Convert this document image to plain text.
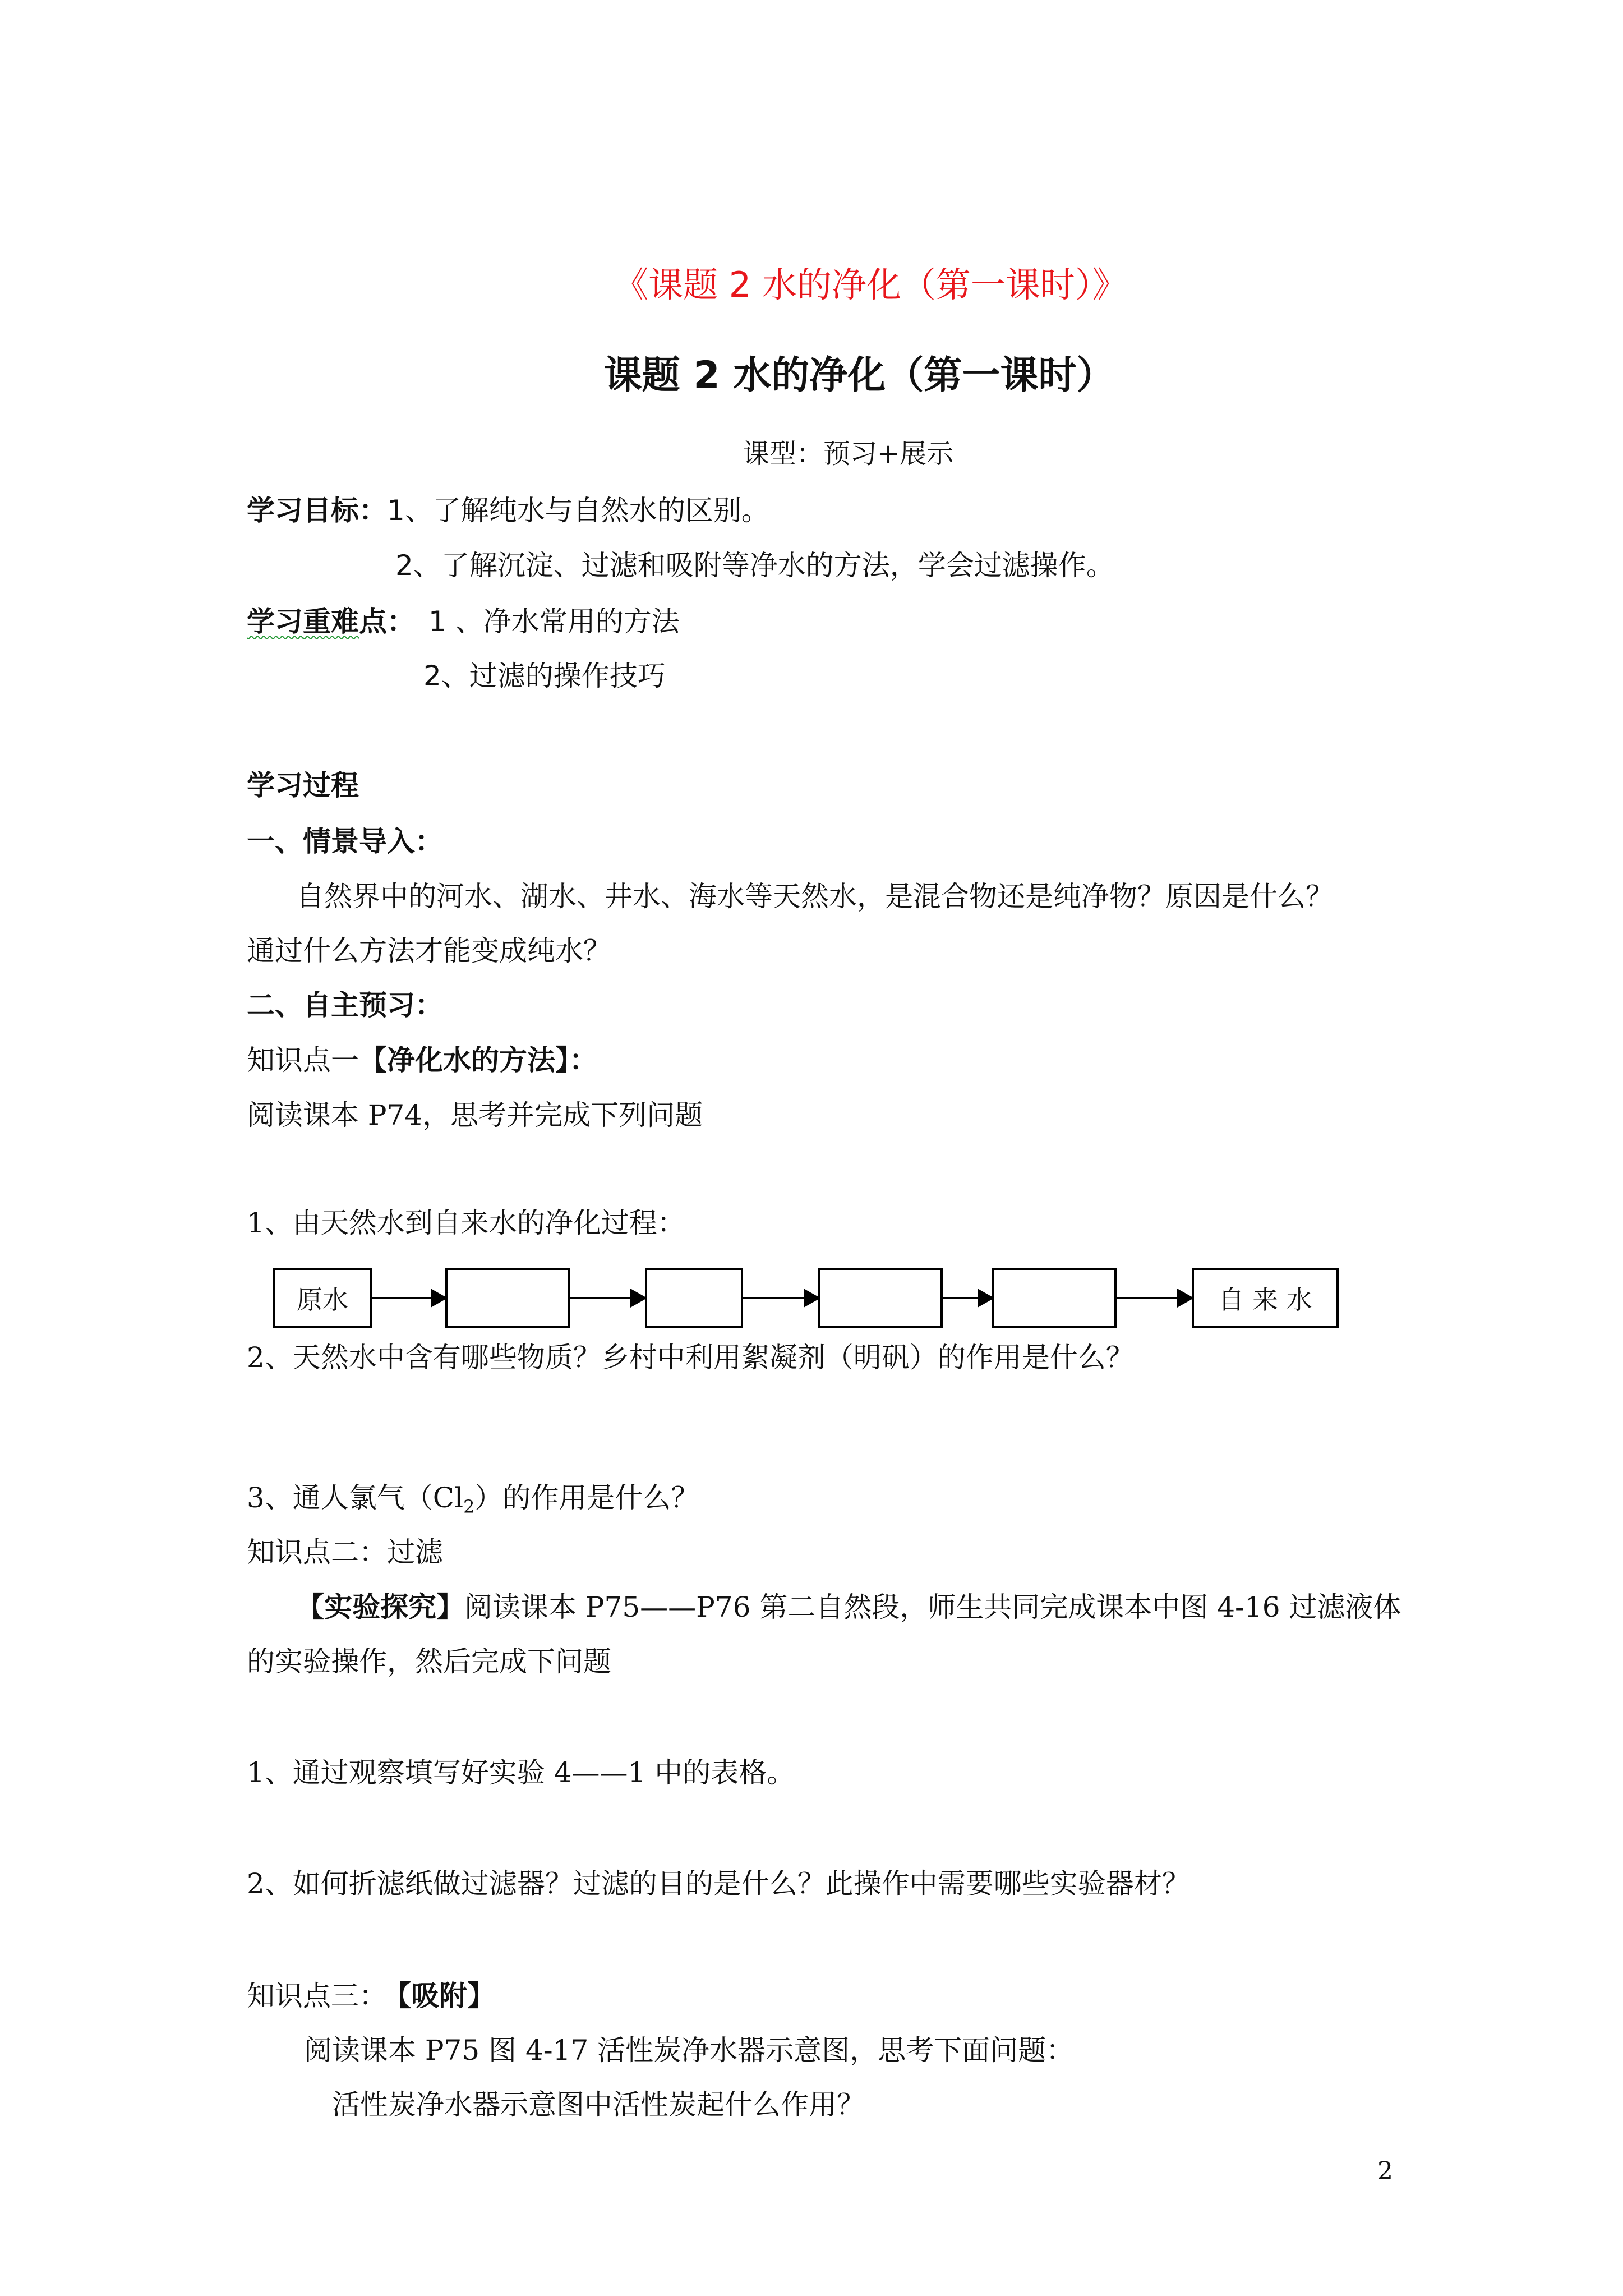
《课题 2 水的净化（第一课时）》
课题 2 水的净化（第一课时）
课型：预习+展示
学习目标：1、了解纯水与自然水的区别。
2、了解沉淀、过滤和吸附等净水的方法，学会过滤操作。
学习重难点： 1 、净水常用的方法
2、过滤的操作技巧
学习过程
一、情景导入：
自然界中的河水、湖水、井水、海水等天然水，是混合物还是纯净物？原因是什么？
通过什么方法才能变成纯水？
二、自主预习：
知识点一【净化水的方法】：
阅读课本 P74，思考并完成下列问题
1、由天然水到自来水的净化过程：
原水	自 来 水
2、天然水中含有哪些物质？乡村中利用絮凝剂（明矾）的作用是什么？
3、通人氯气$(Cl_2)$的作用是什么？
知识点二：过滤
【实验探究】阅读课本 P75——P76 第二自然段，师生共同完成课本中图 4-16 过滤液体
的实验操作，然后完成下问题
1、通过观察填写好实验 4——1 中的表格。
2、如何折滤纸做过滤器？过滤的目的是什么？此操作中需要哪些实验器材？
知识点三： 【吸附】
阅读课本 P75 图 4-17 活性炭净水器示意图，思考下面问题：
活性炭净水器示意图中活性炭起什么作用？
2
